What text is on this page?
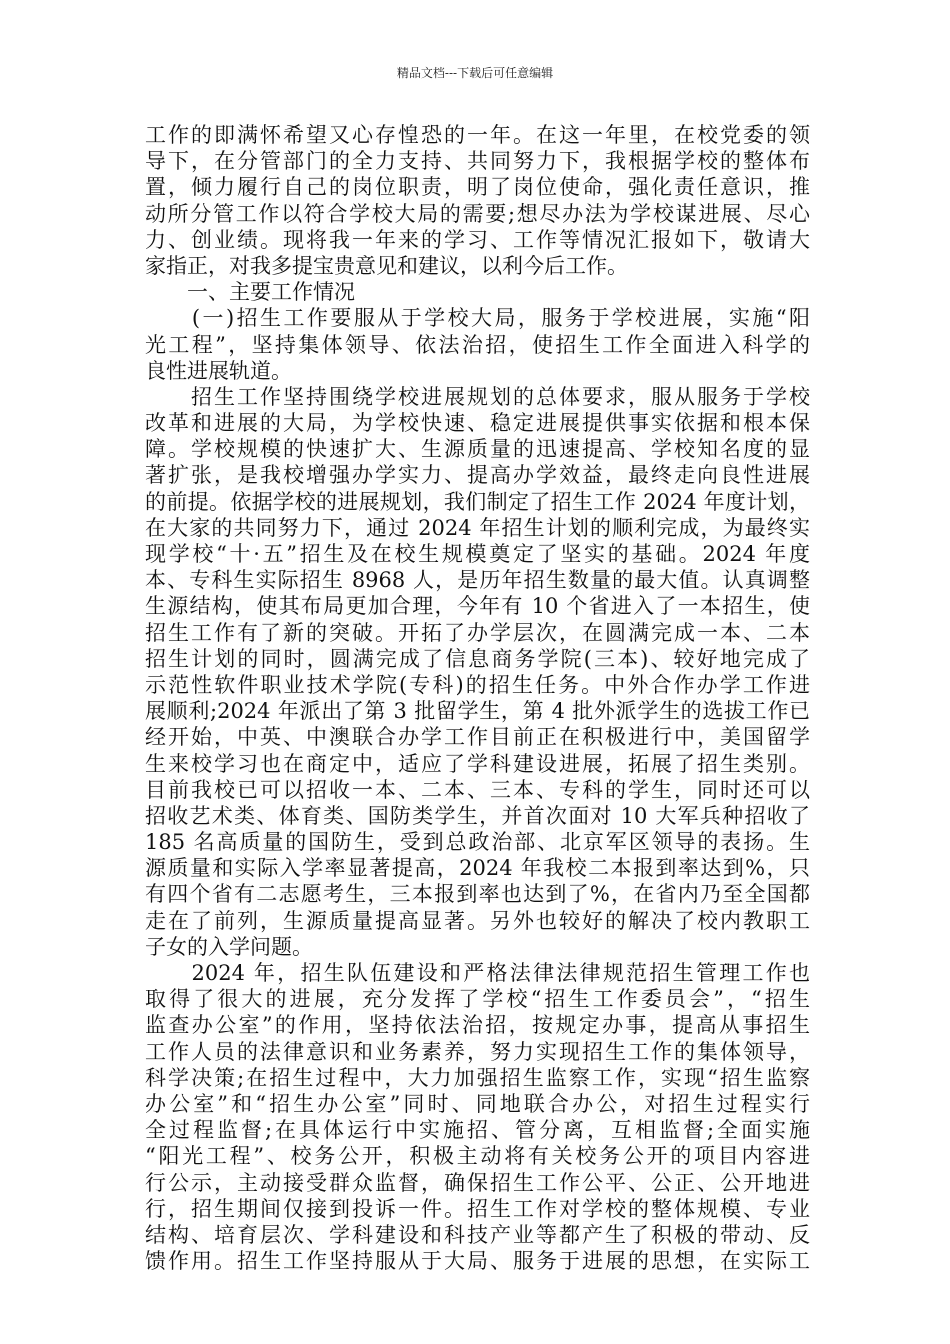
精品文档---下载后可任意编辑
工作的即满怀希望又心存惶恐的一年。在这一年里，在校党委的领
导下，在分管部门的全力支持、共同努力下，我根据学校的整体布
置，倾力履行自己的岗位职责，明了岗位使命，强化责任意识，推
动所分管工作以符合学校大局的需要;想尽办法为学校谋进展、尽心
力、创业绩。现将我一年来的学习、工作等情况汇报如下，敬请大
家指正，对我多提宝贵意见和建议，以利今后工作。
　　一、主要工作情况
　　(一)招生工作要服从于学校大局，服务于学校进展，实施“阳
光工程”，坚持集体领导、依法治招，使招生工作全面进入科学的
良性进展轨道。
　　招生工作坚持围绕学校进展规划的总体要求，服从服务于学校
改革和进展的大局，为学校快速、稳定进展提供事实依据和根本保
障。学校规模的快速扩大、生源质量的迅速提高、学校知名度的显
著扩张，是我校增强办学实力、提高办学效益，最终走向良性进展
的前提。依据学校的进展规划，我们制定了招生工作 2024 年度计划，
在大家的共同努力下，通过 2024 年招生计划的顺利完成，为最终实
现学校“十·五”招生及在校生规模奠定了坚实的基础。2024 年度
本、专科生实际招生 8968 人，是历年招生数量的最大值。认真调整
生源结构，使其布局更加合理，今年有 10 个省进入了一本招生，使
招生工作有了新的突破。开拓了办学层次，在圆满完成一本、二本
招生计划的同时，圆满完成了信息商务学院(三本)、较好地完成了
示范性软件职业技术学院(专科)的招生任务。中外合作办学工作进
展顺利;2024 年派出了第 3 批留学生，第 4 批外派学生的选拔工作已
经开始，中英、中澳联合办学工作目前正在积极进行中，美国留学
生来校学习也在商定中，适应了学科建设进展，拓展了招生类别。
目前我校已可以招收一本、二本、三本、专科的学生，同时还可以
招收艺术类、体育类、国防类学生，并首次面对 10 大军兵种招收了
185 名高质量的国防生，受到总政治部、北京军区领导的表扬。生
源质量和实际入学率显著提高，2024 年我校二本报到率达到%，只
有四个省有二志愿考生，三本报到率也达到了%，在省内乃至全国都
走在了前列，生源质量提高显著。另外也较好的解决了校内教职工
子女的入学问题。
　　2024 年，招生队伍建设和严格法律法律规范招生管理工作也
取得了很大的进展，充分发挥了学校“招生工作委员会”，“招生
监查办公室”的作用，坚持依法治招，按规定办事，提高从事招生
工作人员的法律意识和业务素养，努力实现招生工作的集体领导，
科学决策;在招生过程中，大力加强招生监察工作，实现“招生监察
办公室”和“招生办公室”同时、同地联合办公，对招生过程实行
全过程监督;在具体运行中实施招、管分离，互相监督;全面实施
“阳光工程”、校务公开，积极主动将有关校务公开的项目内容进
行公示，主动接受群众监督，确保招生工作公平、公正、公开地进
行，招生期间仅接到投诉一件。招生工作对学校的整体规模、专业
结构、培育层次、学科建设和科技产业等都产生了积极的带动、反
馈作用。招生工作坚持服从于大局、服务于进展的思想，在实际工
